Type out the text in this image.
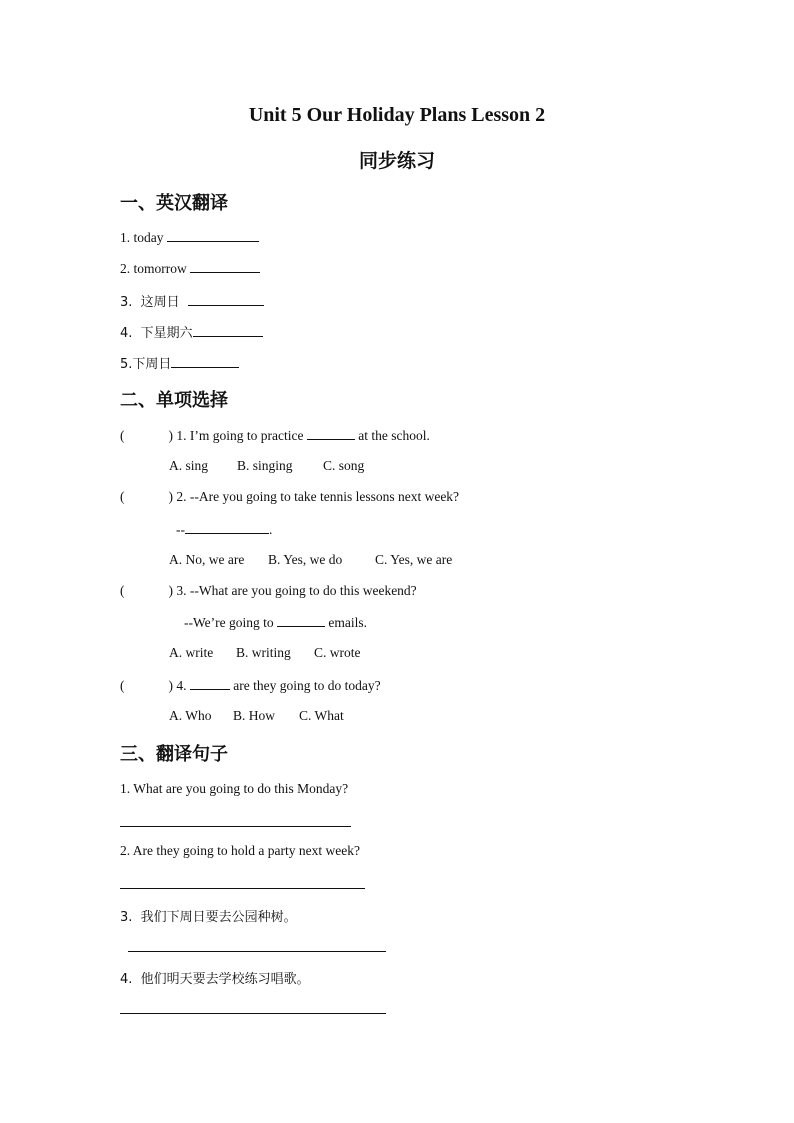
Unit 5 Our Holiday Plans Lesson 2
同步练习
一、英汉翻译
1. today
2. tomorrow
3.  这周日
4.  下星期六
5.下周日
二、单项选择
(	) 1. I’m going to practice	at the school.
A. sing B. singing C. song
(	) 2. --Are you going to take tennis lessons next week?
--	.
A. No, we are B. Yes, we do C. Yes, we are
(	) 3. --What are you going to do this weekend?
--We’re going to	emails.
A. write B. writing C. wrote
(	) 4.	are they going to do today?
A. Who B. How C. What
三、翻译句子
1. What are you going to do this Monday?
2. Are they going to hold a party next week?
3.  我们下周日要去公园种树。
4.  他们明天要去学校练习唱歌。
